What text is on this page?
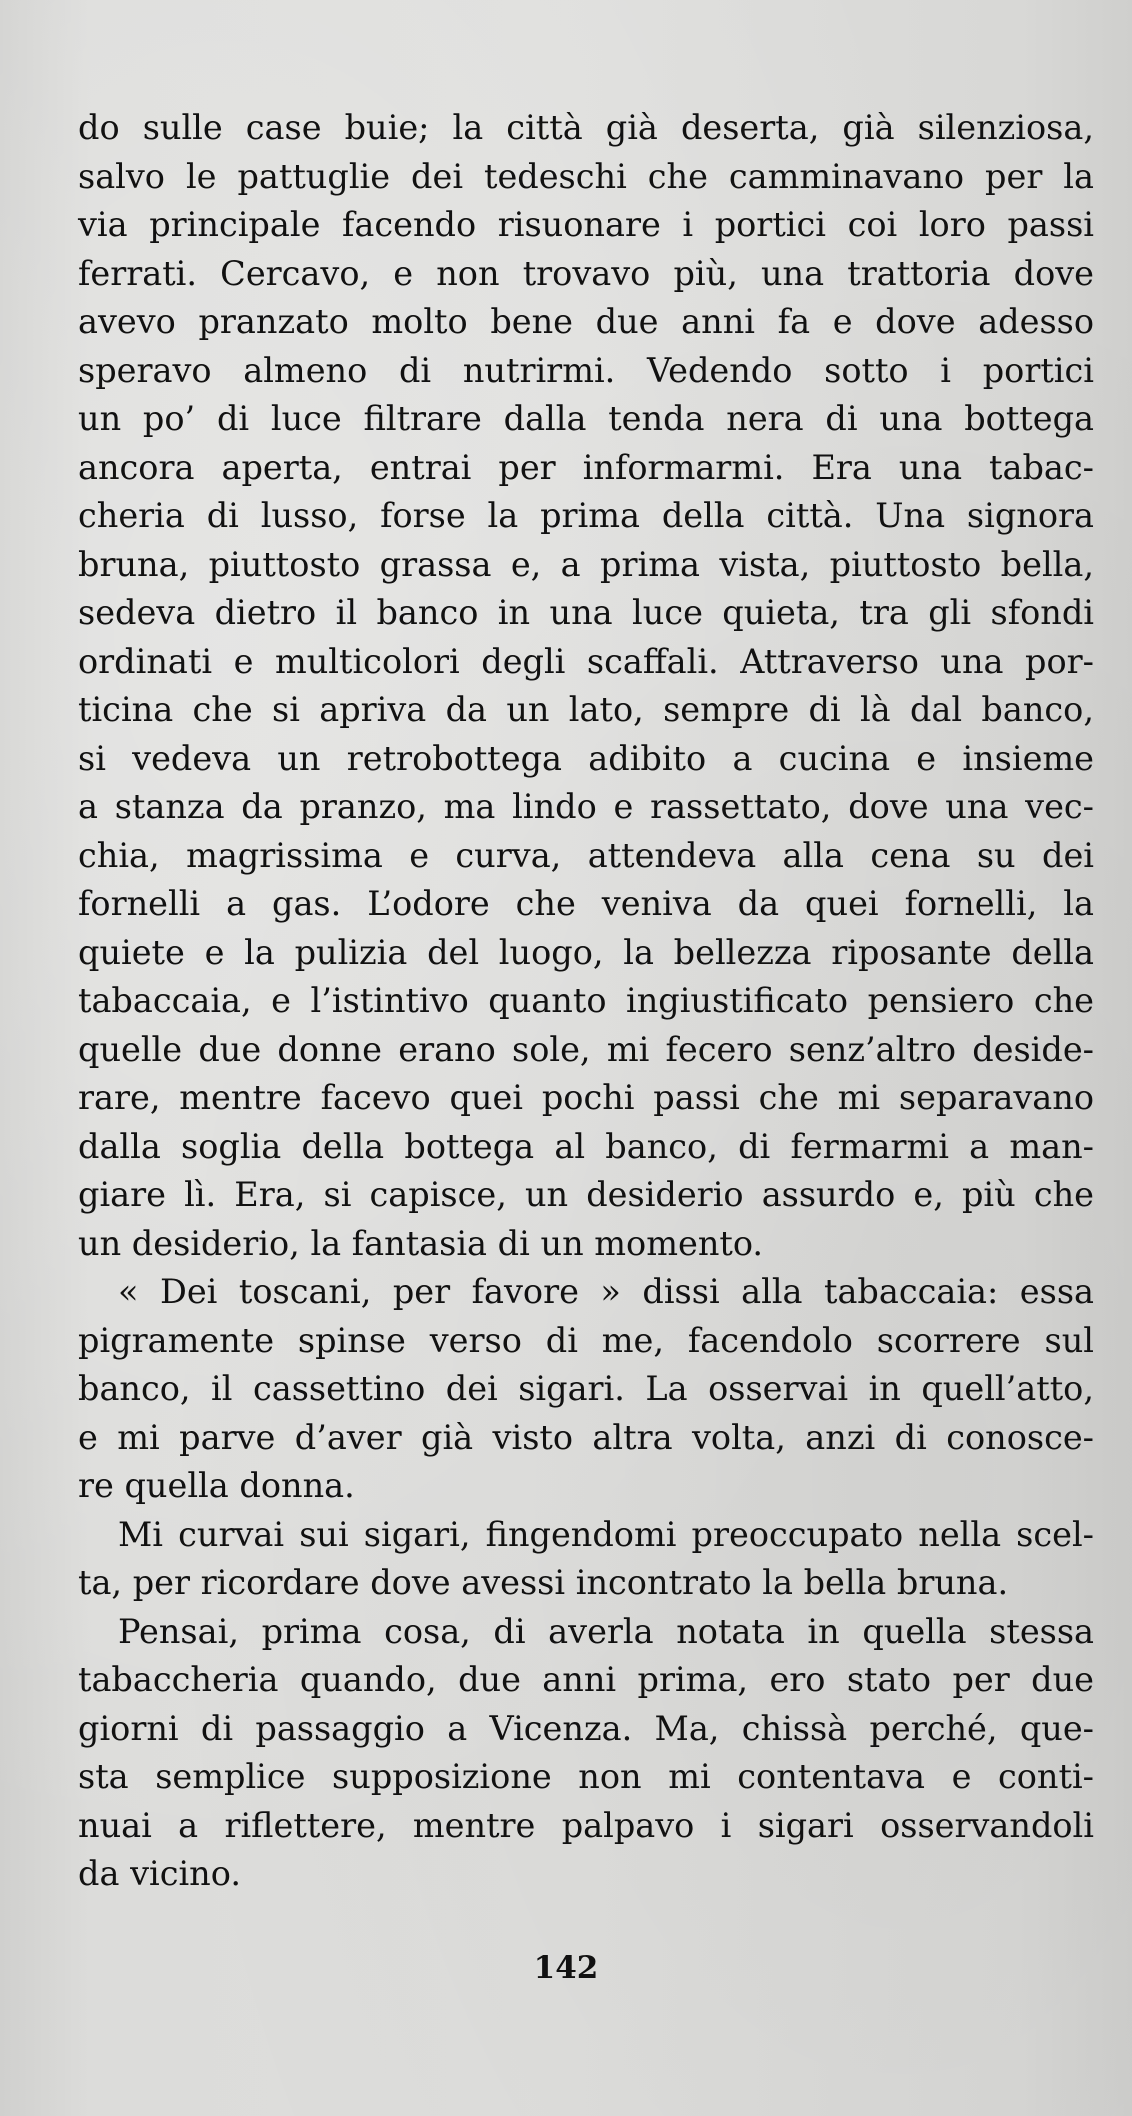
do sulle case buie; la città già deserta, già silenziosa,
salvo le pattuglie dei tedeschi che camminavano per la
via principale facendo risuonare i portici coi loro passi
ferrati. Cercavo, e non trovavo più, una trattoria dove
avevo pranzato molto bene due anni fa e dove adesso
speravo almeno di nutrirmi. Vedendo sotto i portici
un po’ di luce filtrare dalla tenda nera di una bottega
ancora aperta, entrai per informarmi. Era una tabac-
cheria di lusso, forse la prima della città. Una signora
bruna, piuttosto grassa e, a prima vista, piuttosto bella,
sedeva dietro il banco in una luce quieta, tra gli sfondi
ordinati e multicolori degli scaffali. Attraverso una por-
ticina che si apriva da un lato, sempre di là dal banco,
si vedeva un retrobottega adibito a cucina e insieme
a stanza da pranzo, ma lindo e rassettato, dove una vec-
chia, magrissima e curva, attendeva alla cena su dei
fornelli a gas. L’odore che veniva da quei fornelli, la
quiete e la pulizia del luogo, la bellezza riposante della
tabaccaia, e l’istintivo quanto ingiustificato pensiero che
quelle due donne erano sole, mi fecero senz’altro deside-
rare, mentre facevo quei pochi passi che mi separavano
dalla soglia della bottega al banco, di fermarmi a man-
giare lì. Era, si capisce, un desiderio assurdo e, più che
un desiderio, la fantasia di un momento.
« Dei toscani, per favore » dissi alla tabaccaia: essa
pigramente spinse verso di me, facendolo scorrere sul
banco, il cassettino dei sigari. La osservai in quell’atto,
e mi parve d’aver già visto altra volta, anzi di conosce-
re quella donna.
Mi curvai sui sigari, fingendomi preoccupato nella scel-
ta, per ricordare dove avessi incontrato la bella bruna.
Pensai, prima cosa, di averla notata in quella stessa
tabaccheria quando, due anni prima, ero stato per due
giorni di passaggio a Vicenza. Ma, chissà perché, que-
sta semplice supposizione non mi contentava e conti-
nuai a riflettere, mentre palpavo i sigari osservandoli
da vicino.
142
